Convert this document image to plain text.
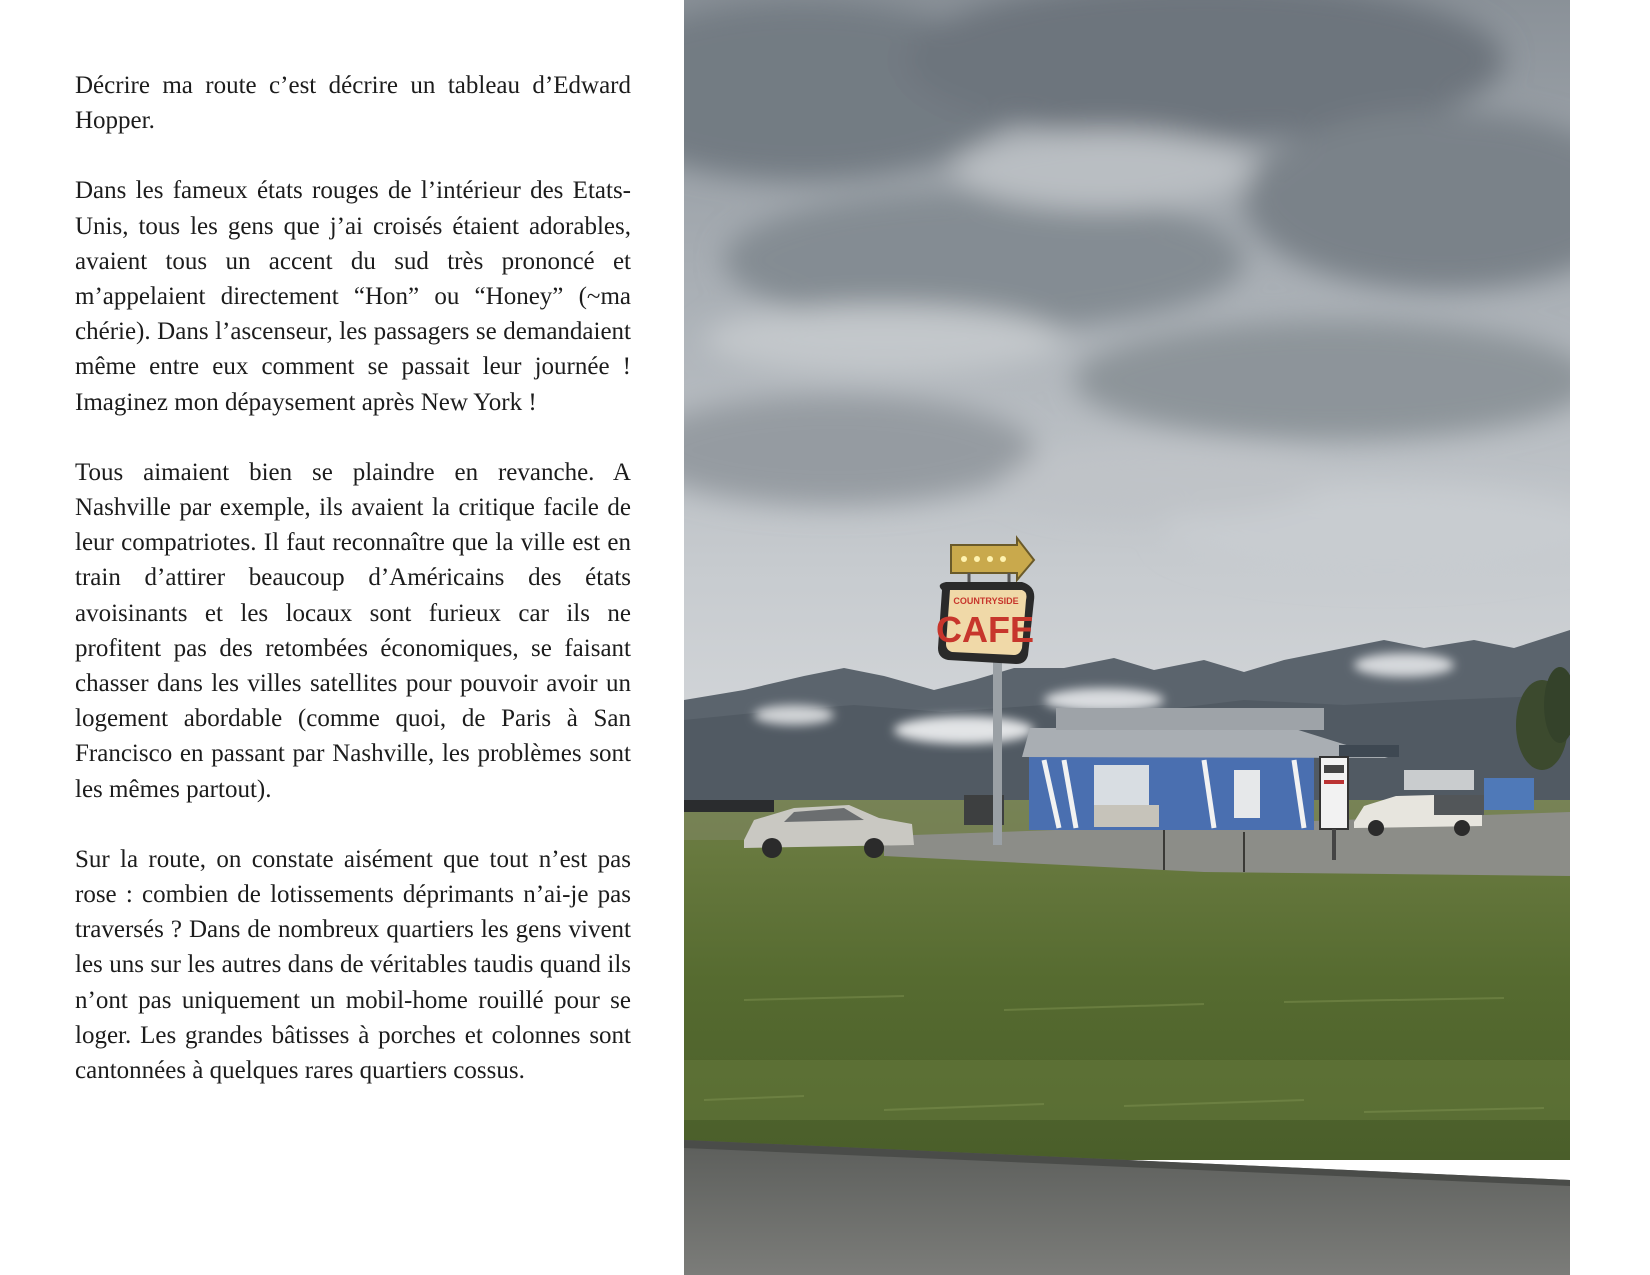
Décrire ma route c’est décrire un tableau d’Edward Hopper.

Dans les fameux états rouges de l’intérieur des Etats-Unis, tous les gens que j’ai croisés étaient adorables, avaient tous un accent du sud très prononcé et m’appelaient directement “Hon” ou “Honey” (~ma chérie). Dans l’ascenseur, les passagers se demandaient même entre eux comment se passait leur journée ! Imaginez mon dépaysement après New York !

Tous aimaient bien se plaindre en revanche. A Nashville par exemple, ils avaient la critique facile de leur compatriotes. Il faut reconnaître que la ville est en train d’attirer beaucoup d’Américains des états avoisinants et les locaux sont furieux car ils ne profitent pas des retombées économiques, se faisant chasser dans les villes satellites pour pouvoir avoir un logement abordable (comme quoi, de Paris à San Francisco en passant par Nashville, les problèmes sont les mêmes partout).

Sur la route, on constate aisément que tout n’est pas rose : combien de lotissements déprimants n’ai-je pas traversés ? Dans de nombreux quartiers les gens vivent les uns sur les autres dans de véritables taudis quand ils n’ont pas uniquement un mobil-home rouillé pour se loger. Les grandes bâtisses à porches et colonnes sont cantonnées à quelques rares quartiers cossus.

COUNTRYSIDE
CAFE
